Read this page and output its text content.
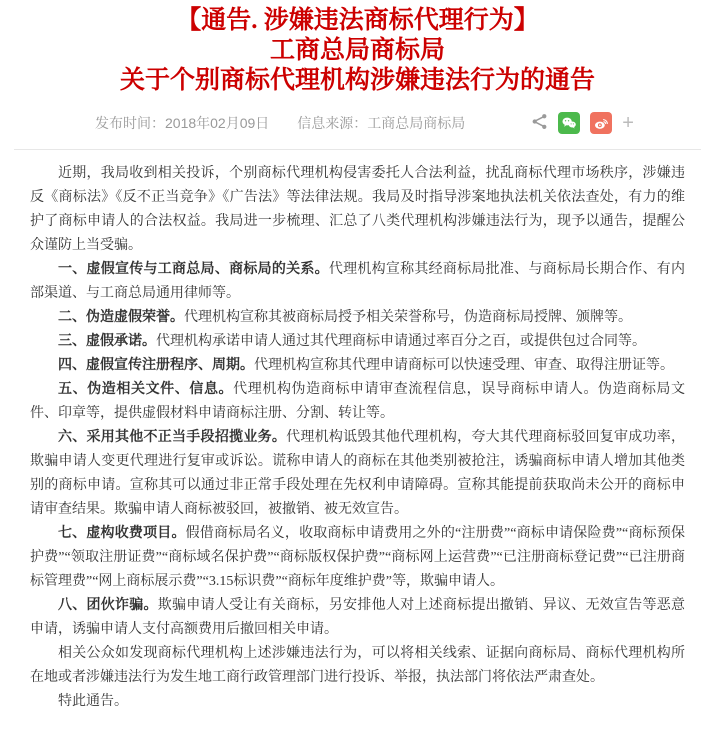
【通告. 涉嫌违法商标代理行为】
工商总局商标局
关于个别商标代理机构涉嫌违法行为的通告
发布时间：2018年02月09日 信息来源：工商总局商标局	+

近期，我局收到相关投诉，个别商标代理机构侵害委托人合法利益，扰乱商标代理市场秩序，涉嫌违反《商标法》《反不正当竞争》《广告法》等法律法规。我局及时指导涉案地执法机关依法查处，有力的维护了商标申请人的合法权益。我局进一步梳理、汇总了八类代理机构涉嫌违法行为，现予以通告，提醒公众谨防上当受骗。

一、虚假宣传与工商总局、商标局的关系。代理机构宣称其经商标局批准、与商标局长期合作、有内部渠道、与工商总局通用律师等。

二、伪造虚假荣誉。代理机构宣称其被商标局授予相关荣誉称号，伪造商标局授牌、颁牌等。

三、虚假承诺。代理机构承诺申请人通过其代理商标申请通过率百分之百，或提供包过合同等。

四、虚假宣传注册程序、周期。代理机构宣称其代理申请商标可以快速受理、审查、取得注册证等。

五、伪造相关文件、信息。代理机构伪造商标申请审查流程信息，误导商标申请人。伪造商标局文件、印章等，提供虚假材料申请商标注册、分割、转让等。

六、采用其他不正当手段招揽业务。代理机构诋毁其他代理机构，夸大其代理商标驳回复审成功率，欺骗申请人变更代理进行复审或诉讼。谎称申请人的商标在其他类别被抢注，诱骗商标申请人增加其他类别的商标申请。宣称其可以通过非正常手段处理在先权利申请障碍。宣称其能提前获取尚未公开的商标申请审查结果。欺骗申请人商标被驳回，被撤销、被无效宣告。

七、虚构收费项目。假借商标局名义，收取商标申请费用之外的“注册费”“商标申请保险费”“商标预保护费”“领取注册证费”“商标域名保护费”“商标版权保护费”“商标网上运营费”“已注册商标登记费”“已注册商标管理费”“网上商标展示费”“3.15标识费”“商标年度维护费”等，欺骗申请人。

八、团伙诈骗。欺骗申请人受让有关商标，另安排他人对上述商标提出撤销、异议、无效宣告等恶意申请，诱骗申请人支付高额费用后撤回相关申请。

相关公众如发现商标代理机构上述涉嫌违法行为，可以将相关线索、证据向商标局、商标代理机构所在地或者涉嫌违法行为发生地工商行政管理部门进行投诉、举报，执法部门将依法严肃查处。

特此通告。
